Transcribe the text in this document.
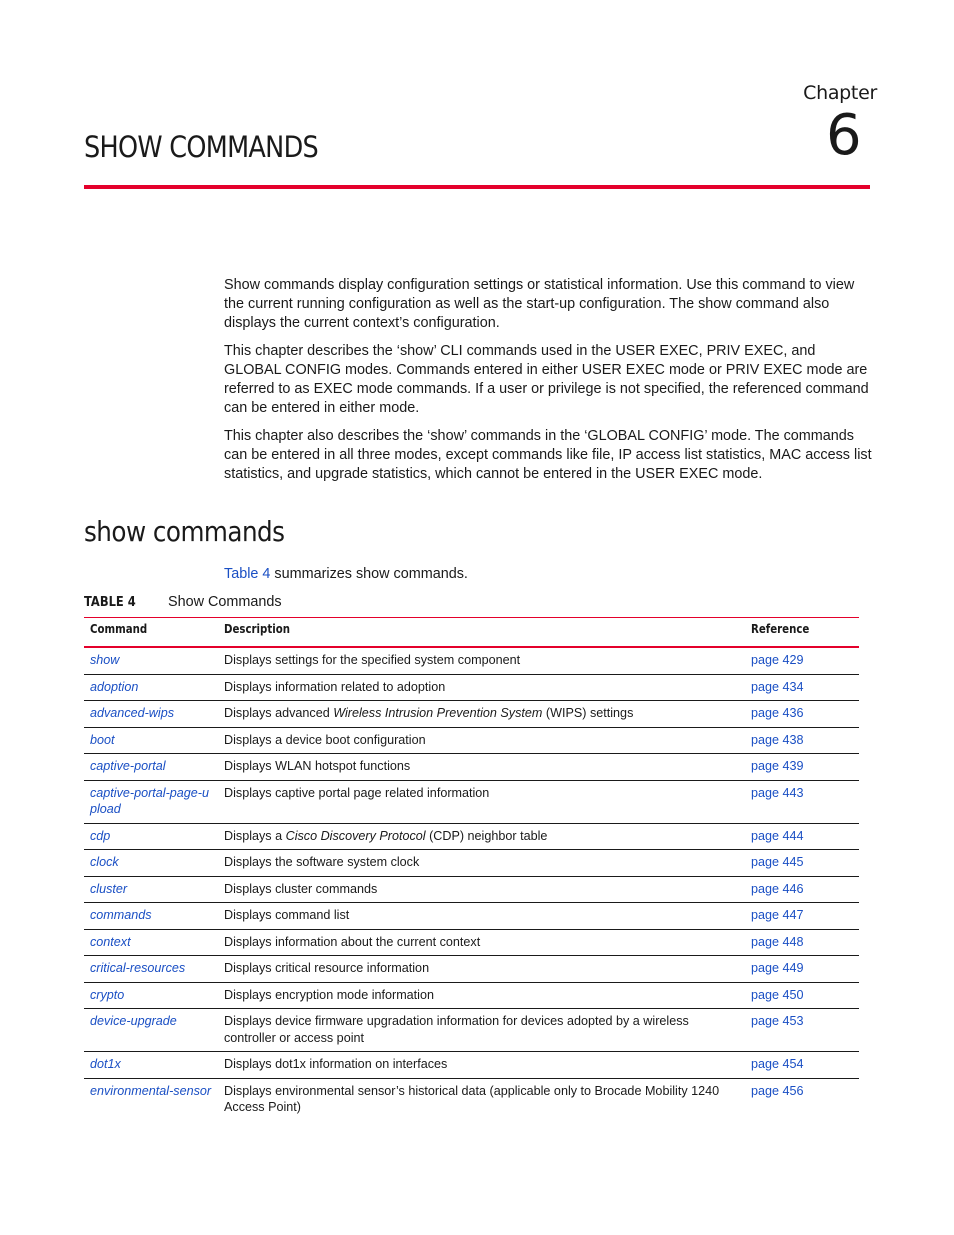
Chapter
6
SHOW COMMANDS

Show commands display configuration settings or statistical information. Use this command to view the current running configuration as well as the start-up configuration. The show command also displays the current context’s configuration.

This chapter describes the ‘show’ CLI commands used in the USER EXEC, PRIV EXEC, and GLOBAL CONFIG modes. Commands entered in either USER EXEC mode or PRIV EXEC mode are referred to as EXEC mode commands. If a user or privilege is not specified, the referenced command can be entered in either mode.

This chapter also describes the ‘show’ commands in the ‘GLOBAL CONFIG’ mode. The commands can be entered in all three modes, except commands like file, IP access list statistics, MAC access list statistics, and upgrade statistics, which cannot be entered in the USER EXEC mode.

show commands
Table 4 summarizes show commands.
TABLE 4 Show Commands
Command	Description	Reference
show	Displays settings for the specified system component	page 429
adoption	Displays information related to adoption	page 434
advanced-wips	Displays advanced Wireless Intrusion Prevention System (WIPS) settings	page 436
boot	Displays a device boot configuration	page 438
captive-portal	Displays WLAN hotspot functions	page 439
captive-portal-page-upload	Displays captive portal page related information	page 443
cdp	Displays a Cisco Discovery Protocol (CDP) neighbor table	page 444
clock	Displays the software system clock	page 445
cluster	Displays cluster commands	page 446
commands	Displays command list	page 447
context	Displays information about the current context	page 448
critical-resources	Displays critical resource information	page 449
crypto	Displays encryption mode information	page 450
device-upgrade	Displays device firmware upgradation information for devices adopted by a wireless controller or access point	page 453
dot1x	Displays dot1x information on interfaces	page 454
environmental-sensor	Displays environmental sensor’s historical data (applicable only to Brocade Mobility 1240 Access Point)	page 456
